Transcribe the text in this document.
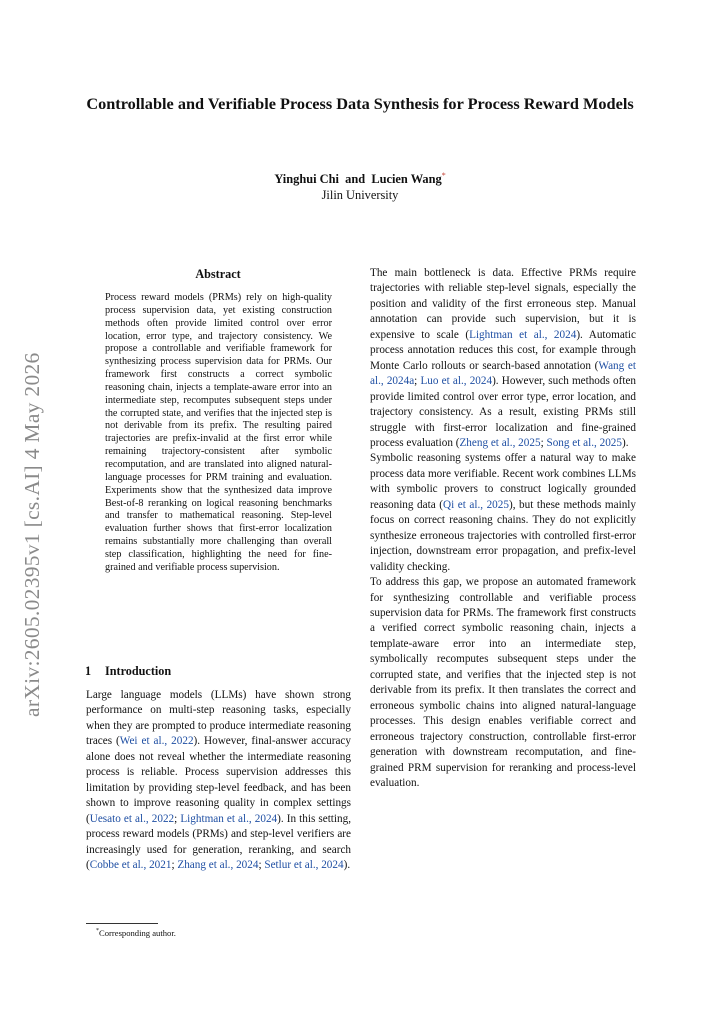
Controllable and Verifiable Process Data Synthesis for Process Reward Models
Yinghui Chi and Lucien Wang*
Jilin University
arXiv:2605.02395v1 [cs.AI] 4 May 2026
Abstract
Process reward models (PRMs) rely on high-quality process supervision data, yet existing construction methods often provide limited control over error location, error type, and trajectory consistency. We propose a controllable and verifiable framework for synthesizing process supervision data for PRMs. Our framework first constructs a correct symbolic reasoning chain, injects a template-aware error into an intermediate step, recomputes subsequent steps under the corrupted state, and verifies that the injected step is not derivable from its prefix. The resulting paired trajectories are prefix-invalid at the first error while remaining trajectory-consistent after symbolic recomputation, and are translated into aligned natural-language processes for PRM training and evaluation. Experiments show that the synthesized data improve Best-of-8 reranking on logical reasoning benchmarks and transfer to mathematical reasoning. Step-level evaluation further shows that first-error localization remains substantially more challenging than overall step classification, highlighting the need for fine-grained and verifiable process supervision.
1 Introduction
Large language models (LLMs) have shown strong performance on multi-step reasoning tasks, especially when they are prompted to produce intermediate reasoning traces (Wei et al., 2022). However, final-answer accuracy alone does not reveal whether the intermediate reasoning process is reliable. Process supervision addresses this limitation by providing step-level feedback, and has been shown to improve reasoning quality in complex settings (Uesato et al., 2022; Lightman et al., 2024). In this setting, process reward models (PRMs) and step-level verifiers are increasingly used for generation, reranking, and search (Cobbe et al., 2021; Zhang et al., 2024; Setlur et al., 2024).

The main bottleneck is data. Effective PRMs require trajectories with reliable step-level signals, especially the position and validity of the first erroneous step. Manual annotation can provide such supervision, but it is expensive to scale (Lightman et al., 2024). Automatic process annotation reduces this cost, for example through Monte Carlo rollouts or search-based annotation (Wang et al., 2024a; Luo et al., 2024). However, such methods often provide limited control over error type, error location, and trajectory consistency. As a result, existing PRMs still struggle with first-error localization and fine-grained process evaluation (Zheng et al., 2025; Song et al., 2025).

Symbolic reasoning systems offer a natural way to make process data more verifiable. Recent work combines LLMs with symbolic provers to construct logically grounded reasoning data (Qi et al., 2025), but these methods mainly focus on correct reasoning chains. They do not explicitly synthesize erroneous trajectories with controlled first-error injection, downstream error propagation, and prefix-level validity checking.

To address this gap, we propose an automated framework for synthesizing controllable and verifiable process supervision data for PRMs. The framework first constructs a verified correct symbolic reasoning chain, injects a template-aware error into an intermediate step, symbolically recomputes subsequent steps under the corrupted state, and verifies that the injected step is not derivable from its prefix. It then translates the correct and erroneous symbolic chains into aligned natural-language processes. This design enables verifiable correct and erroneous trajectory construction, controllable first-error generation with downstream recomputation, and fine-grained PRM supervision for reranking and process-level evaluation.

*Corresponding author.
